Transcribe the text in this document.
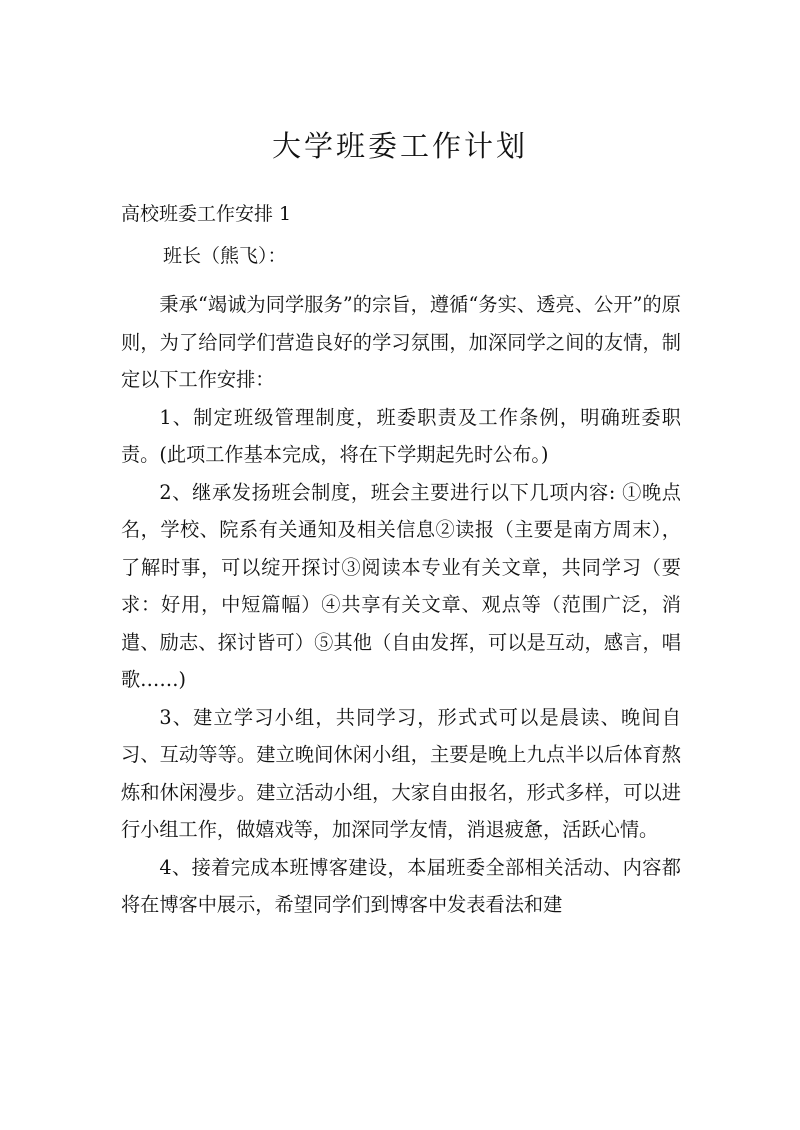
大学班委工作计划

高校班委工作安排 1

班长（熊飞）：

秉承“竭诚为同学服务”的宗旨，遵循“务实、透亮、公开”的原则，为了给同学们营造良好的学习氛围，加深同学之间的友情，制定以下工作安排：

1、制定班级管理制度，班委职责及工作条例，明确班委职责。(此项工作基本完成，将在下学期起先时公布。)

2、继承发扬班会制度，班会主要进行以下几项内容: ①晚点名，学校、院系有关通知及相关信息②读报（主要是南方周末），了解时事，可以绽开探讨③阅读本专业有关文章，共同学习（要求：好用，中短篇幅）④共享有关文章、观点等（范围广泛，消遣、励志、探讨皆可）⑤其他（自由发挥，可以是互动，感言，唱歌……)

3、建立学习小组，共同学习，形式式可以是晨读、晚间自习、互动等等。建立晚间休闲小组，主要是晚上九点半以后体育熬炼和休闲漫步。建立活动小组，大家自由报名，形式多样，可以进行小组工作，做嬉戏等，加深同学友情，消退疲惫，活跃心情。

4、接着完成本班博客建设，本届班委全部相关活动、内容都将在博客中展示，希望同学们到博客中发表看法和建
